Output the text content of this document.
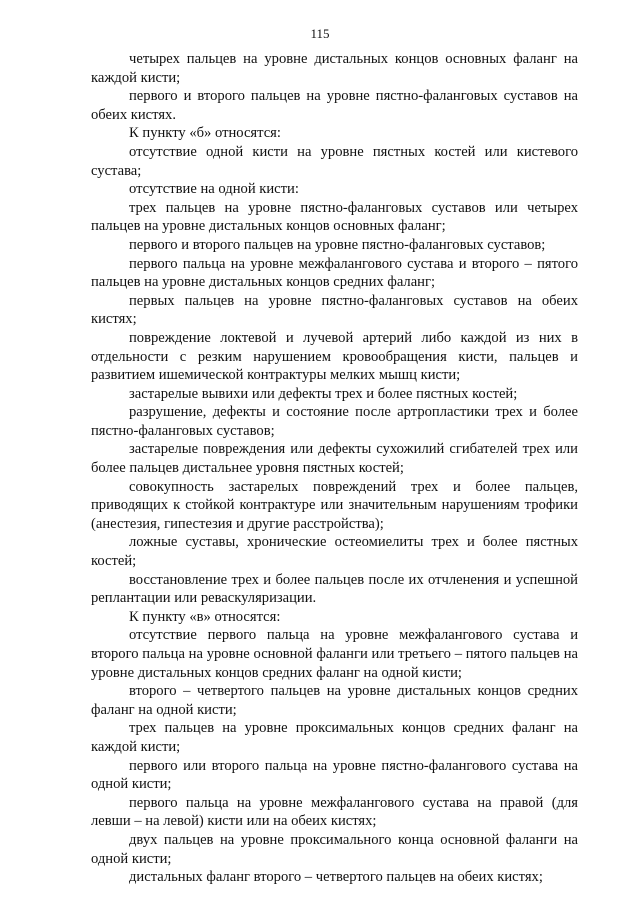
115

четырех пальцев на уровне дистальных концов основных фаланг на каждой кисти;

первого и второго пальцев на уровне пястно-фаланговых суставов на обеих кистях.

К пункту «б» относятся:

отсутствие одной кисти на уровне пястных костей или кистевого сустава;

отсутствие на одной кисти:

трех пальцев на уровне пястно-фаланговых суставов или четырех пальцев на уровне дистальных концов основных фаланг;

первого и второго пальцев на уровне пястно-фаланговых суставов;

первого пальца на уровне межфалангового сустава и второго – пятого пальцев на уровне дистальных концов средних фаланг;

первых пальцев на уровне пястно-фаланговых суставов на обеих кистях;

повреждение локтевой и лучевой артерий либо каждой из них в отдельности с резким нарушением кровообращения кисти, пальцев и развитием ишемической контрактуры мелких мышц кисти;

застарелые вывихи или дефекты трех и более пястных костей;

разрушение, дефекты и состояние после артропластики трех и более пястно-фаланговых суставов;

застарелые повреждения или дефекты сухожилий сгибателей трех или более пальцев дистальнее уровня пястных костей;

совокупность застарелых повреждений трех и более пальцев, приводящих к стойкой контрактуре или значительным нарушениям трофики (анестезия, гипестезия и другие расстройства);

ложные суставы, хронические остеомиелиты трех и более пястных костей;

восстановление трех и более пальцев после их отчленения и успешной реплантации или реваскуляризации.

К пункту «в» относятся:

отсутствие первого пальца на уровне межфалангового сустава и второго пальца на уровне основной фаланги или третьего – пятого пальцев на уровне дистальных концов средних фаланг на одной кисти;

второго – четвертого пальцев на уровне дистальных концов средних фаланг на одной кисти;

трех пальцев на уровне проксимальных концов средних фаланг на каждой кисти;

первого или второго пальца на уровне пястно-фалангового сустава на одной кисти;

первого пальца на уровне межфалангового сустава на правой (для левши – на левой) кисти или на обеих кистях;

двух пальцев на уровне проксимального конца основной фаланги на одной кисти;

дистальных фаланг второго – четвертого пальцев на обеих кистях;
